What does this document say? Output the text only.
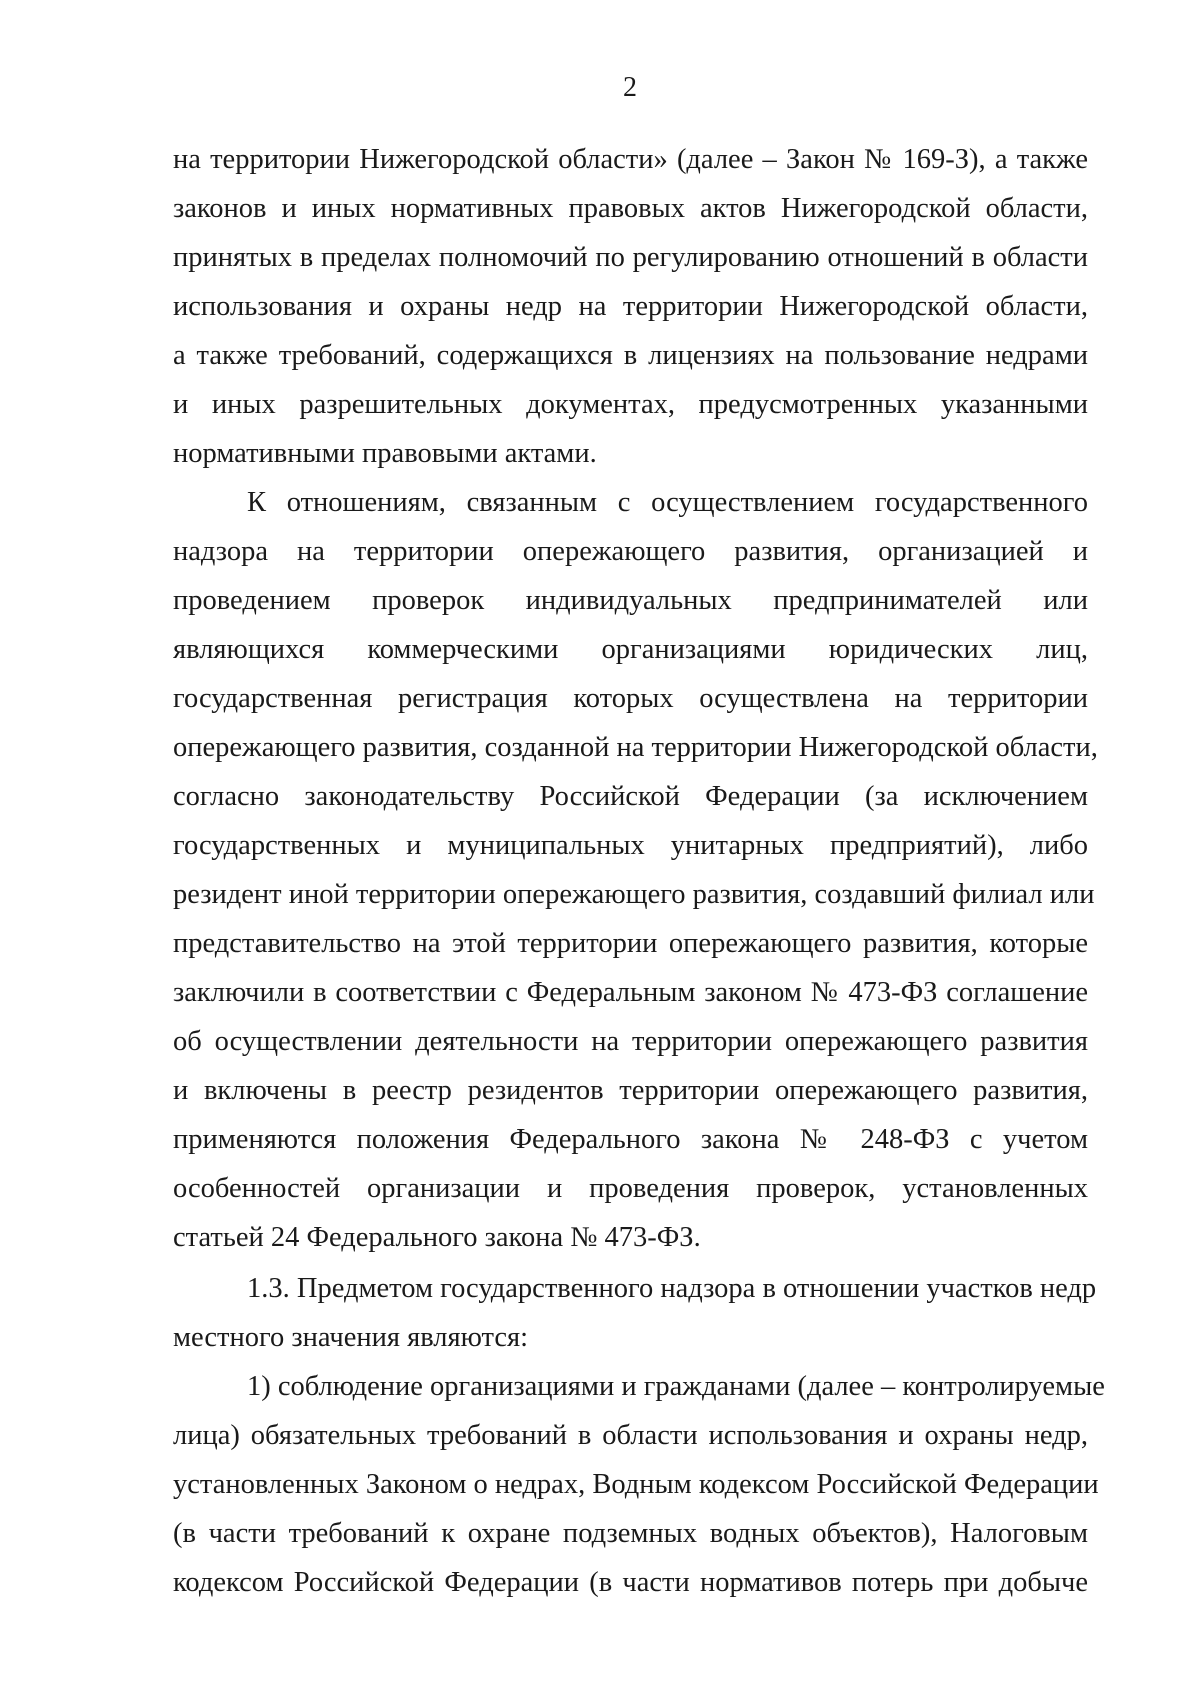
2
на территории Нижегородской области» (далее – Закон № 169-З), а также
законов и иных нормативных правовых актов Нижегородской области,
принятых в пределах полномочий по регулированию отношений в области
использования и охраны недр на территории Нижегородской области,
а также требований, содержащихся в лицензиях на пользование недрами
и иных разрешительных документах, предусмотренных указанными
нормативными правовыми актами.
К отношениям, связанным с осуществлением государственного
надзора на территории опережающего развития, организацией и
проведением проверок индивидуальных предпринимателей или
являющихся коммерческими организациями юридических лиц,
государственная регистрация которых осуществлена на территории
опережающего развития, созданной на территории Нижегородской области,
согласно законодательству Российской Федерации (за исключением
государственных и муниципальных унитарных предприятий), либо
резидент иной территории опережающего развития, создавший филиал или
представительство на этой территории опережающего развития, которые
заключили в соответствии с Федеральным законом № 473-ФЗ соглашение
об осуществлении деятельности на территории опережающего развития
и включены в реестр резидентов территории опережающего развития,
применяются положения Федерального закона № 248-ФЗ с учетом
особенностей организации и проведения проверок, установленных
статьей 24 Федерального закона № 473-ФЗ.
1.3. Предметом государственного надзора в отношении участков недр
местного значения являются:
1) соблюдение организациями и гражданами (далее – контролируемые
лица) обязательных требований в области использования и охраны недр,
установленных Законом о недрах, Водным кодексом Российской Федерации
(в части требований к охране подземных водных объектов), Налоговым
кодексом Российской Федерации (в части нормативов потерь при добыче
